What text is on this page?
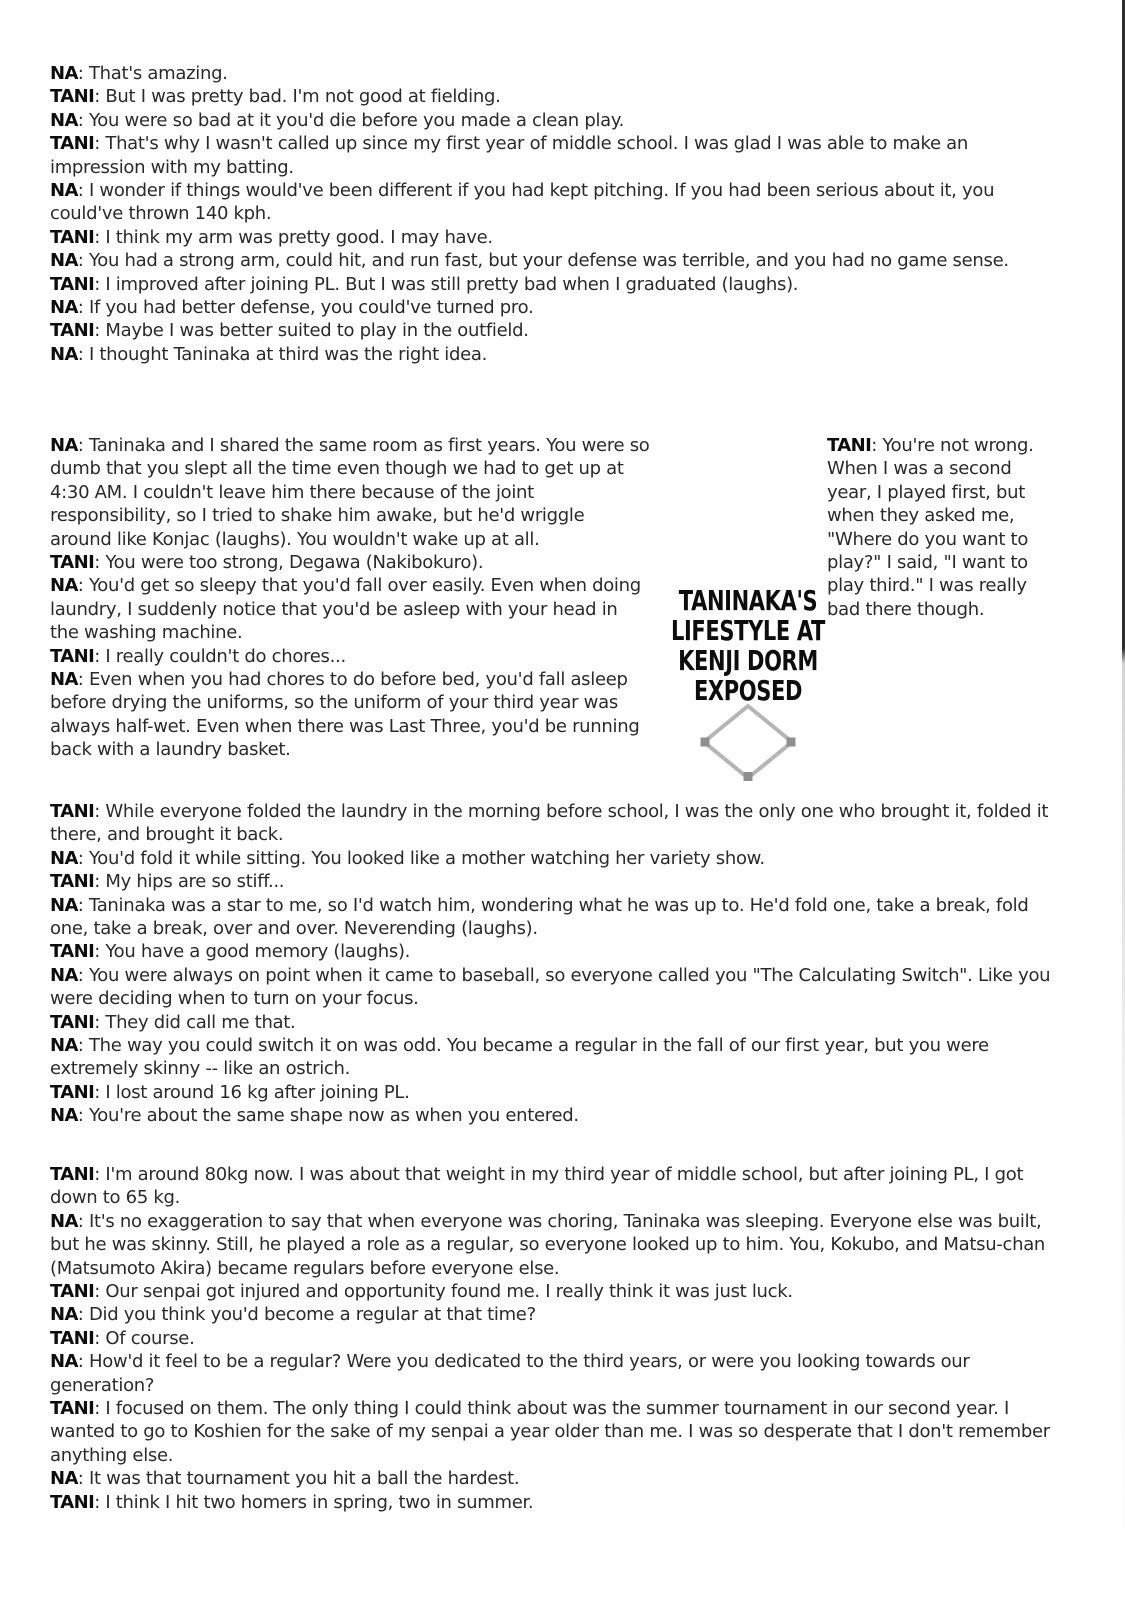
NA: That's amazing.

TANI: But I was pretty bad. I'm not good at fielding.

NA: You were so bad at it you'd die before you made a clean play.

TANI: That's why I wasn't called up since my first year of middle school. I was glad I was able to make an impression with my batting.

NA: I wonder if things would've been different if you had kept pitching. If you had been serious about it, you could've thrown 140 kph.

TANI: I think my arm was pretty good. I may have.

NA: You had a strong arm, could hit, and run fast, but your defense was terrible, and you had no game sense.

TANI: I improved after joining PL. But I was still pretty bad when I graduated (laughs).

NA: If you had better defense, you could've turned pro.

TANI: Maybe I was better suited to play in the outfield.

NA: I thought Taninaka at third was the right idea.

NA: Taninaka and I shared the same room as first years. You were so dumb that you slept all the time even though we had to get up at 4:30 AM. I couldn't leave him there because of the joint responsibility, so I tried to shake him awake, but he'd wriggle around like Konjac (laughs). You wouldn't wake up at all.

TANI: You were too strong, Degawa (Nakibokuro).

NA: You'd get so sleepy that you'd fall over easily. Even when doing laundry, I suddenly notice that you'd be asleep with your head in the washing machine.

TANI: I really couldn't do chores...

NA: Even when you had chores to do before bed, you'd fall asleep before drying the uniforms, so the uniform of your third year was always half-wet. Even when there was Last Three, you'd be running back with a laundry basket.

TANINAKA'S
LIFESTYLE AT
KENJI DORM
EXPOSED

TANI: You're not wrong. When I was a second year, I played first, but when they asked me, "Where do you want to play?" I said, "I want to play third." I was really bad there though.

TANI: While everyone folded the laundry in the morning before school, I was the only one who brought it, folded it there, and brought it back.

NA: You'd fold it while sitting. You looked like a mother watching her variety show.

TANI: My hips are so stiff...

NA: Taninaka was a star to me, so I'd watch him, wondering what he was up to. He'd fold one, take a break, fold one, take a break, over and over. Neverending (laughs).

TANI: You have a good memory (laughs).

NA: You were always on point when it came to baseball, so everyone called you "The Calculating Switch". Like you were deciding when to turn on your focus.

TANI: They did call me that.

NA: The way you could switch it on was odd. You became a regular in the fall of our first year, but you were extremely skinny -- like an ostrich.

TANI: I lost around 16 kg after joining PL.

NA: You're about the same shape now as when you entered.

TANI: I'm around 80kg now. I was about that weight in my third year of middle school, but after joining PL, I got down to 65 kg.

NA: It's no exaggeration to say that when everyone was choring, Taninaka was sleeping. Everyone else was built, but he was skinny. Still, he played a role as a regular, so everyone looked up to him. You, Kokubo, and Matsu-chan (Matsumoto Akira) became regulars before everyone else.

TANI: Our senpai got injured and opportunity found me. I really think it was just luck.

NA: Did you think you'd become a regular at that time?

TANI: Of course.

NA: How'd it feel to be a regular? Were you dedicated to the third years, or were you looking towards our generation?

TANI: I focused on them. The only thing I could think about was the summer tournament in our second year. I wanted to go to Koshien for the sake of my senpai a year older than me. I was so desperate that I don't remember anything else.

NA: It was that tournament you hit a ball the hardest.

TANI: I think I hit two homers in spring, two in summer.
